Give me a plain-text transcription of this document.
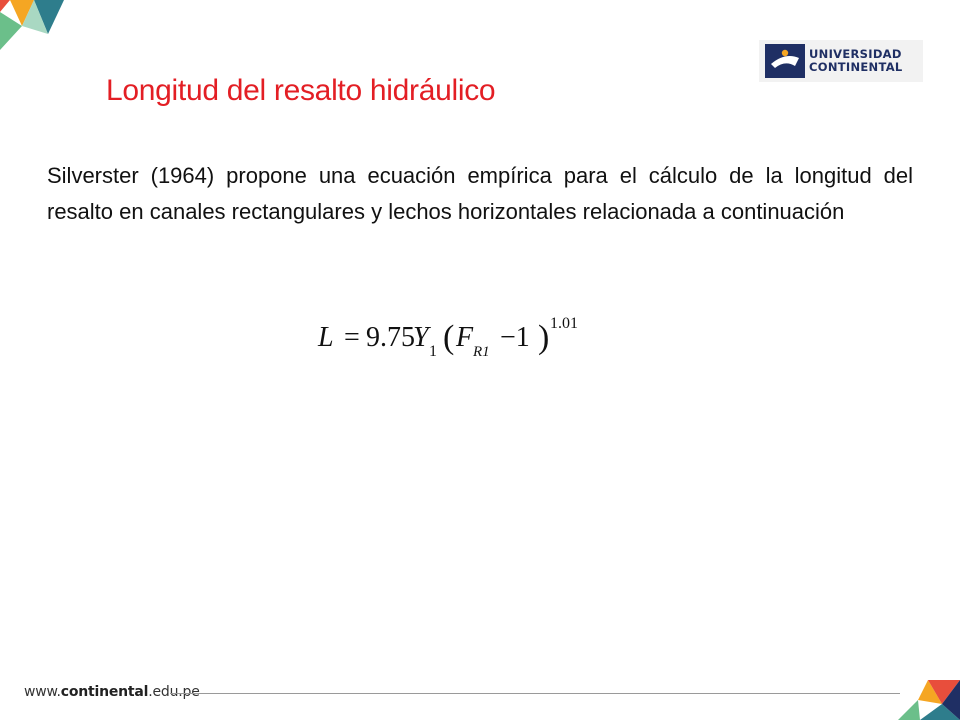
UNIVERSIDAD
CONTINENTAL
Longitud del resalto hidráulico

Silverster (1964) propone una ecuación empírica para el cálculo de la longitud del resalto en canales rectangulares y lechos horizontales relacionada a continuación

L = 9.75
Y 1 ( F R1 −1 ) 1.01
www.continental.edu.pe
